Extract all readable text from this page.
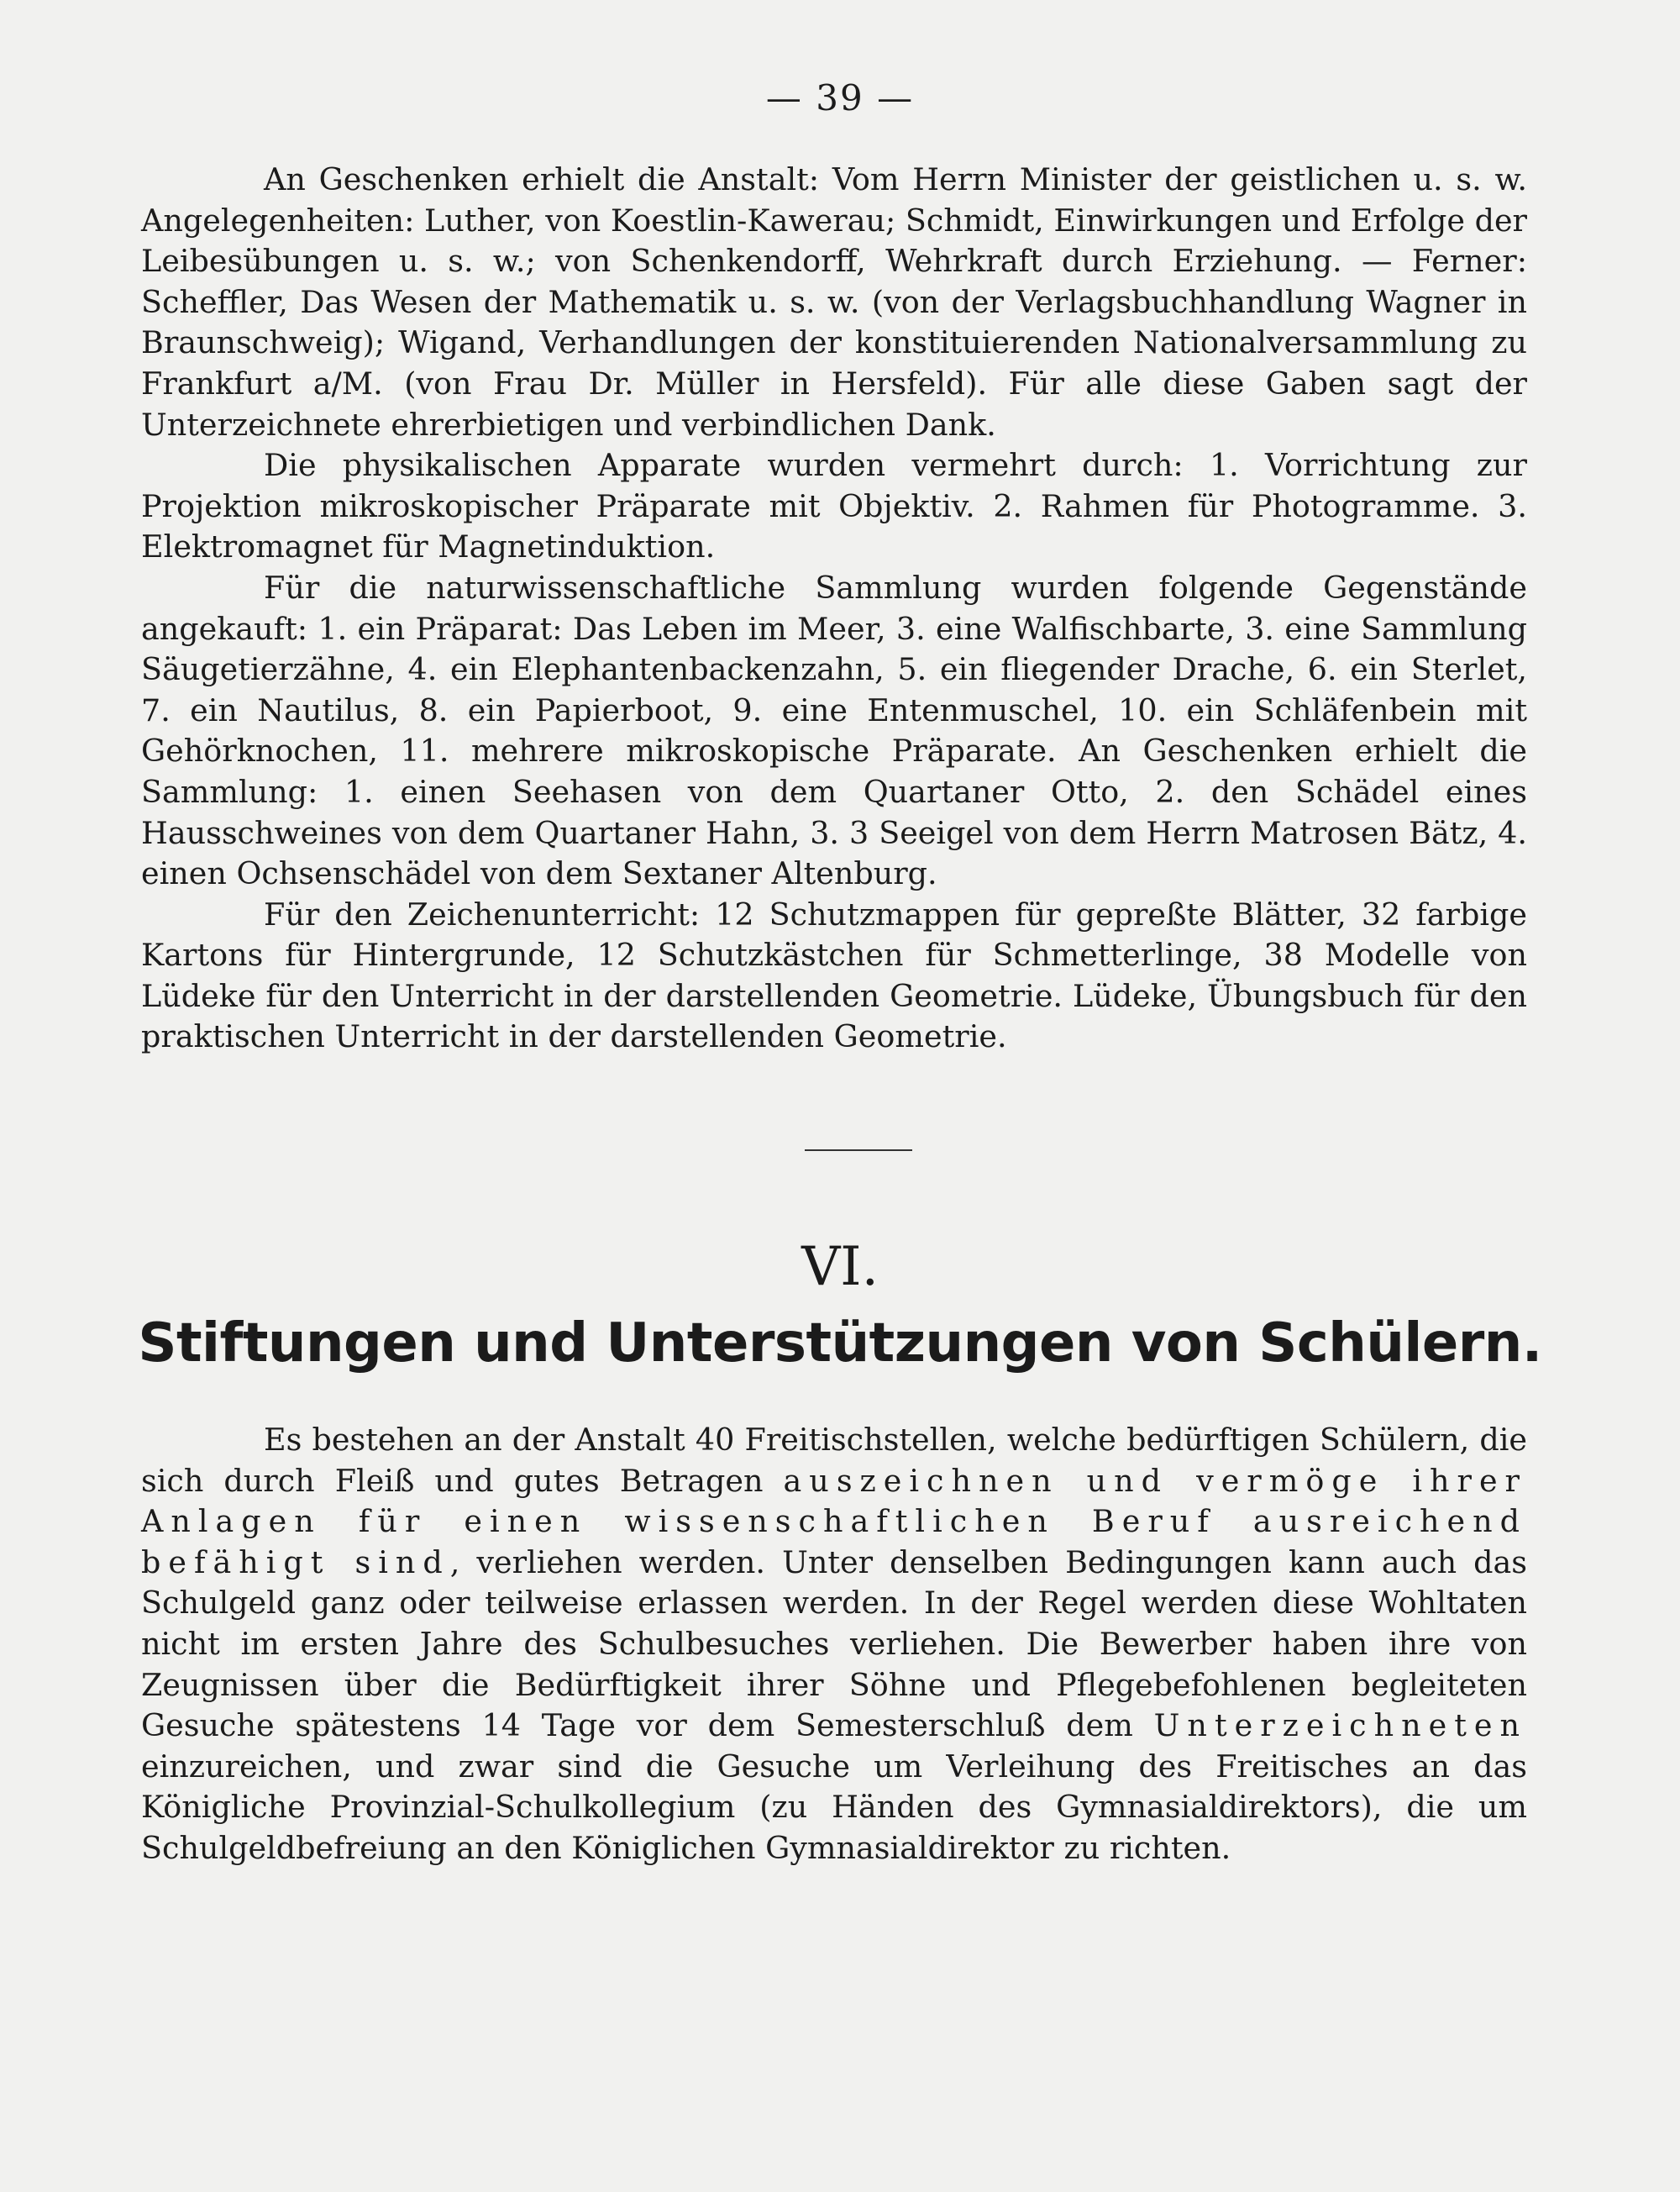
— 39 —

An Geschenken erhielt die Anstalt: Vom Herrn Minister der geistlichen u. s. w. Angelegenheiten: Luther, von Koestlin-Kawerau; Schmidt, Einwirkungen und Erfolge der Leibesübungen u. s. w.; von Schenkendorff, Wehrkraft durch Erziehung. — Ferner: Scheffler, Das Wesen der Mathematik u. s. w. (von der Verlagsbuchhandlung Wagner in Braunschweig); Wigand, Verhandlungen der konstituierenden Nationalversammlung zu Frankfurt a/M. (von Frau Dr. Müller in Hersfeld). Für alle diese Gaben sagt der Unterzeichnete ehrerbietigen und verbindlichen Dank.

Die physikalischen Apparate wurden vermehrt durch: 1. Vorrichtung zur Projektion mikroskopischer Präparate mit Objektiv. 2. Rahmen für Photogramme. 3. Elektromagnet für Magnetinduktion.

Für die naturwissenschaftliche Sammlung wurden folgende Gegenstände angekauft: 1. ein Präparat: Das Leben im Meer, 3. eine Walfischbarte, 3. eine Sammlung Säugetierzähne, 4. ein Elephantenbackenzahn, 5. ein fliegender Drache, 6. ein Sterlet, 7. ein Nautilus, 8. ein Papierboot, 9. eine Entenmuschel, 10. ein Schläfenbein mit Gehörknochen, 11. mehrere mikroskopische Präparate. An Geschenken erhielt die Sammlung: 1. einen Seehasen von dem Quartaner Otto, 2. den Schädel eines Hausschweines von dem Quartaner Hahn, 3. 3 Seeigel von dem Herrn Matrosen Bätz, 4. einen Ochsenschädel von dem Sextaner Altenburg.

Für den Zeichenunterricht: 12 Schutzmappen für gepreßte Blätter, 32 farbige Kartons für Hintergrunde, 12 Schutzkästchen für Schmetterlinge, 38 Modelle von Lüdeke für den Unterricht in der darstellenden Geometrie. Lüdeke, Übungsbuch für den praktischen Unterricht in der darstellenden Geometrie.

VI.
Stiftungen und Unterstützungen von Schülern.

Es bestehen an der Anstalt 40 Freitischstellen, welche bedürftigen Schülern, die sich durch Fleiß und gutes Betragen auszeichnen und vermöge ihrer Anlagen für einen wissenschaftlichen Beruf ausreichend befähigt sind, verliehen werden. Unter denselben Bedingungen kann auch das Schulgeld ganz oder teilweise erlassen werden. In der Regel werden diese Wohltaten nicht im ersten Jahre des Schulbesuches verliehen. Die Bewerber haben ihre von Zeugnissen über die Bedürftigkeit ihrer Söhne und Pflegebefohlenen begleiteten Gesuche spätestens 14 Tage vor dem Semesterschluß dem Unterzeichneten einzureichen, und zwar sind die Gesuche um Verleihung des Freitisches an das Königliche Provinzial-Schulkollegium (zu Händen des Gymnasialdirektors), die um Schulgeldbefreiung an den Königlichen Gymnasialdirektor zu richten.
